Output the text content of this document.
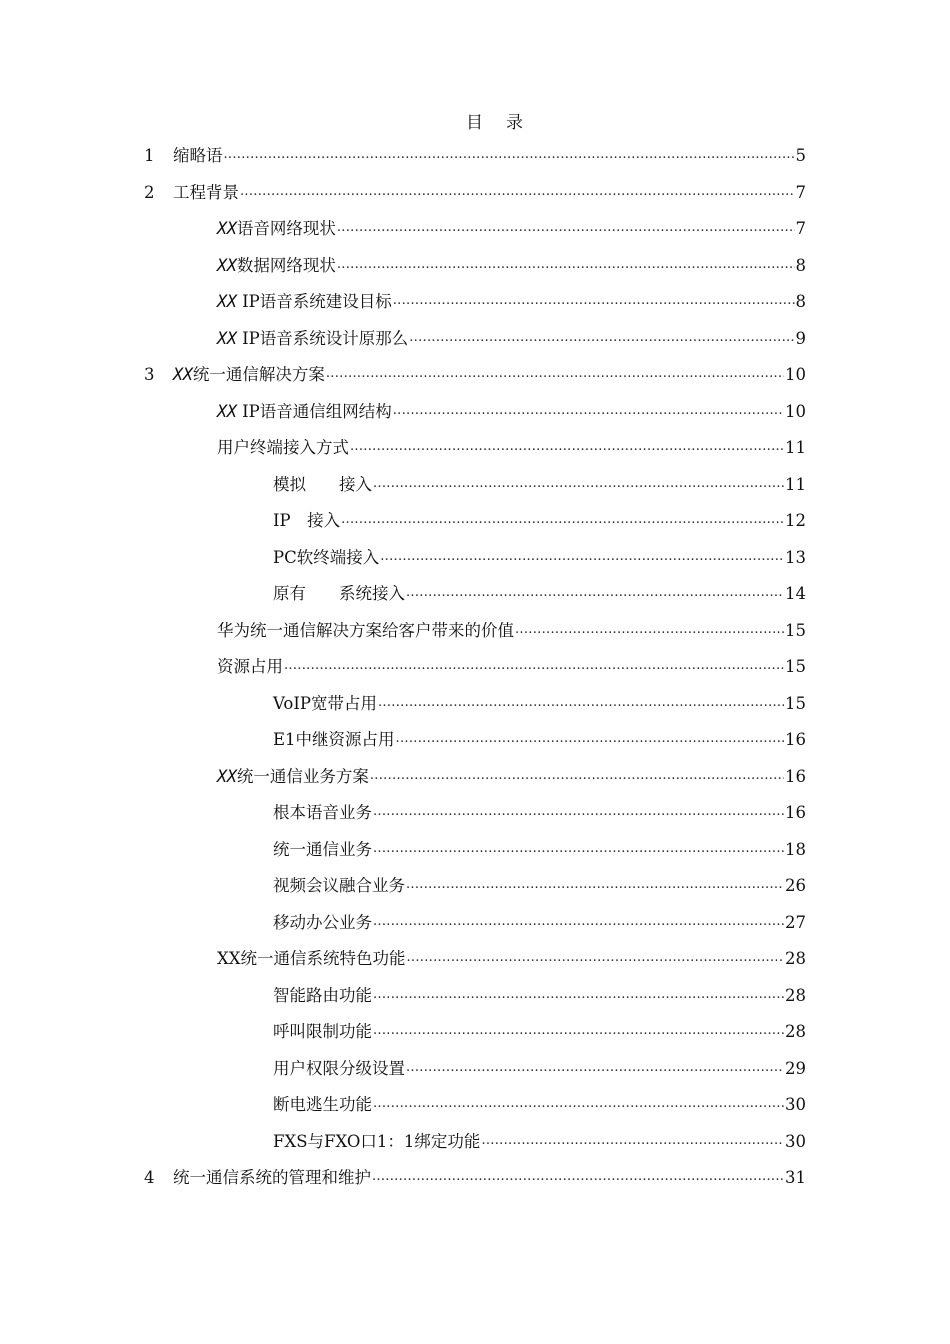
目 录
1	缩略语 .....	5
2	工程背景 .....	7
XX语音网络现状 .....	7
XX数据网络现状 .....	8
XX IP语音系统建设目标 .....	8
XX IP语音系统设计原那么 .....	9
3	XX统一通信解决方案 .....	10
XX IP语音通信组网结构 .....	10
用户终端接入方式 .....	11
模拟　　接入 .....	11
IP　接入 .....	12
PC软终端接入 .....	13
原有　　系统接入 .....	14
华为统一通信解决方案给客户带来的价值 .....	15
资源占用 .....	15
VoIP宽带占用 .....	15
E1中继资源占用 .....	16
XX统一通信业务方案 .....	16
根本语音业务 .....	16
统一通信业务 .....	18
视频会议融合业务 .....	26
移动办公业务 .....	27
XX统一通信系统特色功能 .....	28
智能路由功能 .....	28
呼叫限制功能 .....	28
用户权限分级设置 .....	29
断电逃生功能 .....	30
FXS与FXO口1：1绑定功能 .....	30
4	统一通信系统的管理和维护 .....	31
